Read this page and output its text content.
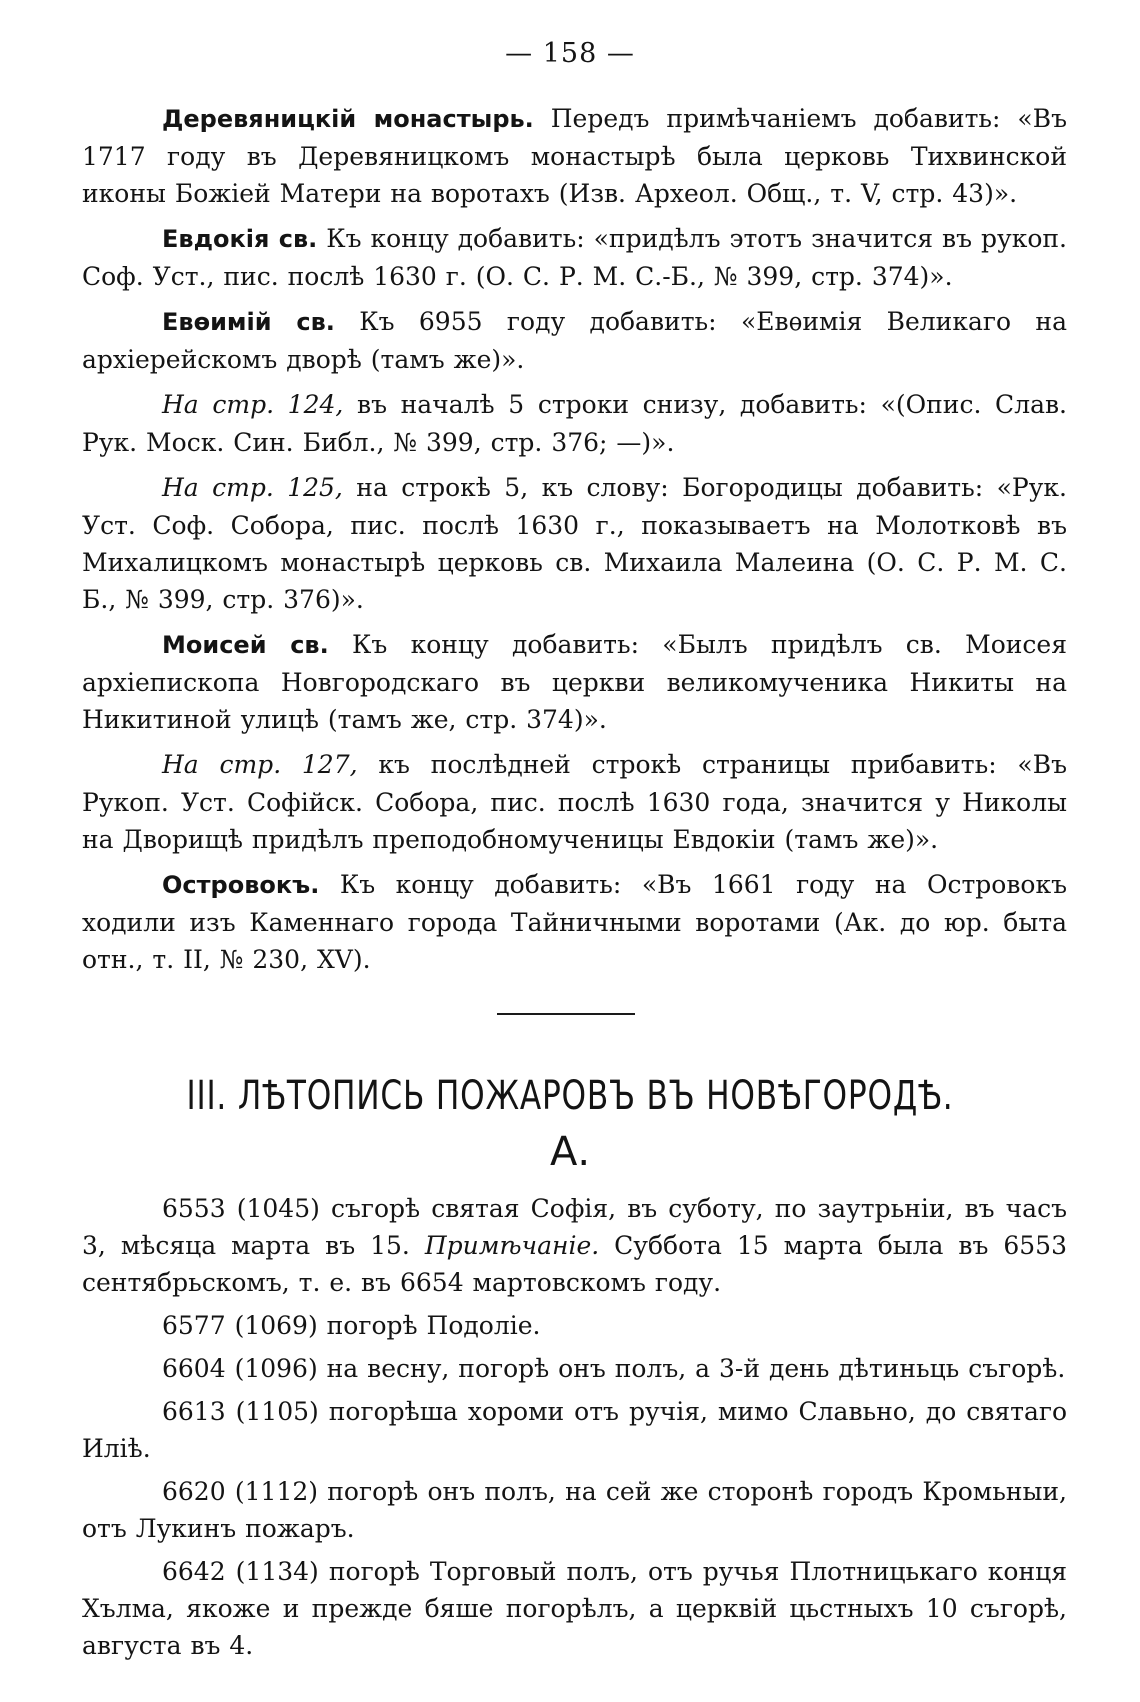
— 158 —

Деревяницкій монастырь. Передъ примѣчаніемъ добавить: «Въ 1717 году въ Деревяницкомъ монастырѣ была церковь Тихвинской иконы Божіей Матери на воротахъ (Изв. Археол. Общ., т. V, стр. 43)».

Евдокія св. Къ концу добавить: «придѣлъ этотъ значится въ рукоп. Соф. Уст., пис. послѣ 1630 г. (О. С. Р. М. С.-Б., № 399, стр. 374)».

Евѳимій св. Къ 6955 году добавить: «Евѳимія Великаго на архіерейскомъ дворѣ (тамъ же)».

На стр. 124, въ началѣ 5 строки снизу, добавить: «(Опис. Слав. Рук. Моск. Син. Библ., № 399, стр. 376; —)».

На стр. 125, на строкѣ 5, къ слову: Богородицы добавить: «Рук. Уст. Соф. Собора, пис. послѣ 1630 г., показываетъ на Молотковѣ въ Михалицкомъ монастырѣ церковь св. Михаила Малеина (О. С. Р. М. С. Б., № 399, стр. 376)».

Моисей св. Къ концу добавить: «Былъ придѣлъ св. Моисея архіепископа Новгородскаго въ церкви великомученика Никиты на Никитиной улицѣ (тамъ же, стр. 374)».

На стр. 127, къ послѣдней строкѣ страницы прибавить: «Въ Рукоп. Уст. Софійск. Собора, пис. послѣ 1630 года, значится у Николы на Дворищѣ придѣлъ преподобномученицы Евдокіи (тамъ же)».

Островокъ. Къ концу добавить: «Въ 1661 году на Островокъ ходили изъ Каменнаго города Тайничными воротами (Ак. до юр. быта отн., т. II, № 230, XV).

III. ЛѢТОПИСЬ ПОЖАРОВЪ ВЪ НОВѢГОРОДѢ.
А.

6553 (1045) съгорѣ святая Софія, въ суботу, по заутрьніи, въ часъ 3, мѣсяца марта въ 15. Примѣчаніе. Суббота 15 марта была въ 6553 сентябрьскомъ, т. е. въ 6654 мартовскомъ году.

6577 (1069) погорѣ Подоліе.

6604 (1096) на весну, погорѣ онъ полъ, а 3-й день дѣтиньць съгорѣ.

6613 (1105) погорѣша хороми отъ ручія, мимо Славьно, до святаго Иліѣ.

6620 (1112) погорѣ онъ полъ, на сей же сторонѣ городъ Кромьныи, отъ Лукинъ пожаръ.

6642 (1134) погорѣ Торговый полъ, отъ ручья Плотницькаго конця Хълма, якоже и прежде бяше погорѣлъ, а церквій цьстныхъ 10 съгорѣ, августа въ 4.
